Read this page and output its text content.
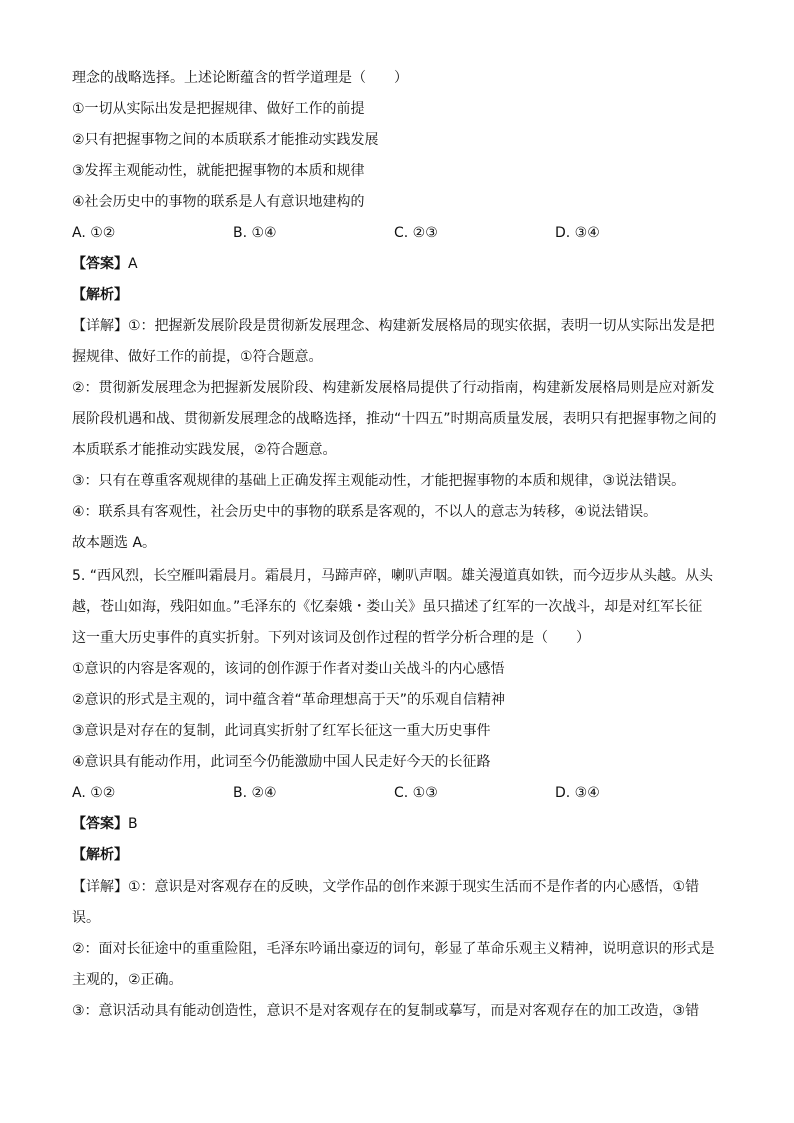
理念的战略选择。上述论断蕴含的哲学道理是（　　）
①一切从实际出发是把握规律、做好工作的前提
②只有把握事物之间的本质联系才能推动实践发展
③发挥主观能动性，就能把握事物的本质和规律
④社会历史中的事物的联系是人有意识地建构的
A. ①②	B. ①④	C. ②③	D. ③④
【答案】A
【解析】
【详解】①：把握新发展阶段是贯彻新发展理念、构建新发展格局的现实依据，表明一切从实际出发是把
握规律、做好工作的前提，①符合题意。
②：贯彻新发展理念为把握新发展阶段、构建新发展格局提供了行动指南，构建新发展格局则是应对新发
展阶段机遇和战、贯彻新发展理念的战略选择，推动“十四五”时期高质量发展，表明只有把握事物之间的
本质联系才能推动实践发展，②符合题意。
③：只有在尊重客观规律的基础上正确发挥主观能动性，才能把握事物的本质和规律，③说法错误。
④：联系具有客观性，社会历史中的事物的联系是客观的，不以人的意志为转移，④说法错误。
故本题选 A。
5. “西风烈，长空雁叫霜晨月。霜晨月，马蹄声碎，喇叭声咽。雄关漫道真如铁，而今迈步从头越。从头
越，苍山如海，残阳如血。”毛泽东的《忆秦娥・娄山关》虽只描述了红军的一次战斗，却是对红军长征
这一重大历史事件的真实折射。下列对该词及创作过程的哲学分析合理的是（　　）
①意识的内容是客观的，该词的创作源于作者对娄山关战斗的内心感悟
②意识的形式是主观的，词中蕴含着“革命理想高于天”的乐观自信精神
③意识是对存在的复制，此词真实折射了红军长征这一重大历史事件
④意识具有能动作用，此词至今仍能激励中国人民走好今天的长征路
A. ①②	B. ②④	C. ①③	D. ③④
【答案】B
【解析】
【详解】①：意识是对客观存在的反映，文学作品的创作来源于现实生活而不是作者的内心感悟，①错
误。
②：面对长征途中的重重险阻，毛泽东吟诵出豪迈的词句，彰显了革命乐观主义精神，说明意识的形式是
主观的，②正确。
③：意识活动具有能动创造性，意识不是对客观存在的复制或摹写，而是对客观存在的加工改造，③错
